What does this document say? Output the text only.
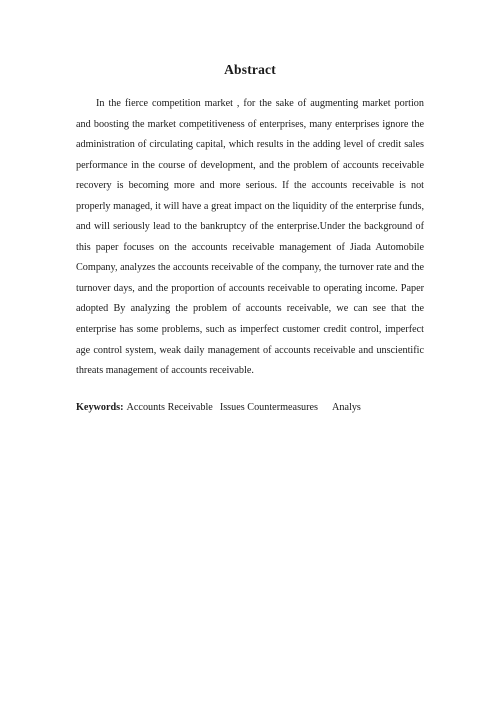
Abstract

In the fierce competition market , for the sake of augmenting market portion and boosting the market competitiveness of enterprises, many enterprises ignore the administration of circulating capital, which results in the adding level of credit sales performance in the course of development, and the problem of accounts receivable recovery is becoming more and more serious. If the accounts receivable is not properly managed, it will have a great impact on the liquidity of the enterprise funds, and will seriously lead to the bankruptcy of the enterprise.Under the background of this paper focuses on the accounts receivable management of Jiada Automobile Company, analyzes the accounts receivable of the company, the turnover rate and the turnover days, and the proportion of accounts receivable to operating income. Paper adopted By analyzing the problem of accounts receivable, we can see that the enterprise has some problems, such as imperfect customer credit control, imperfect age control system, weak daily management of accounts receivable and unscientific threats management of accounts receivable.

Keywords: Accounts Receivable Issues Countermeasures Analys
